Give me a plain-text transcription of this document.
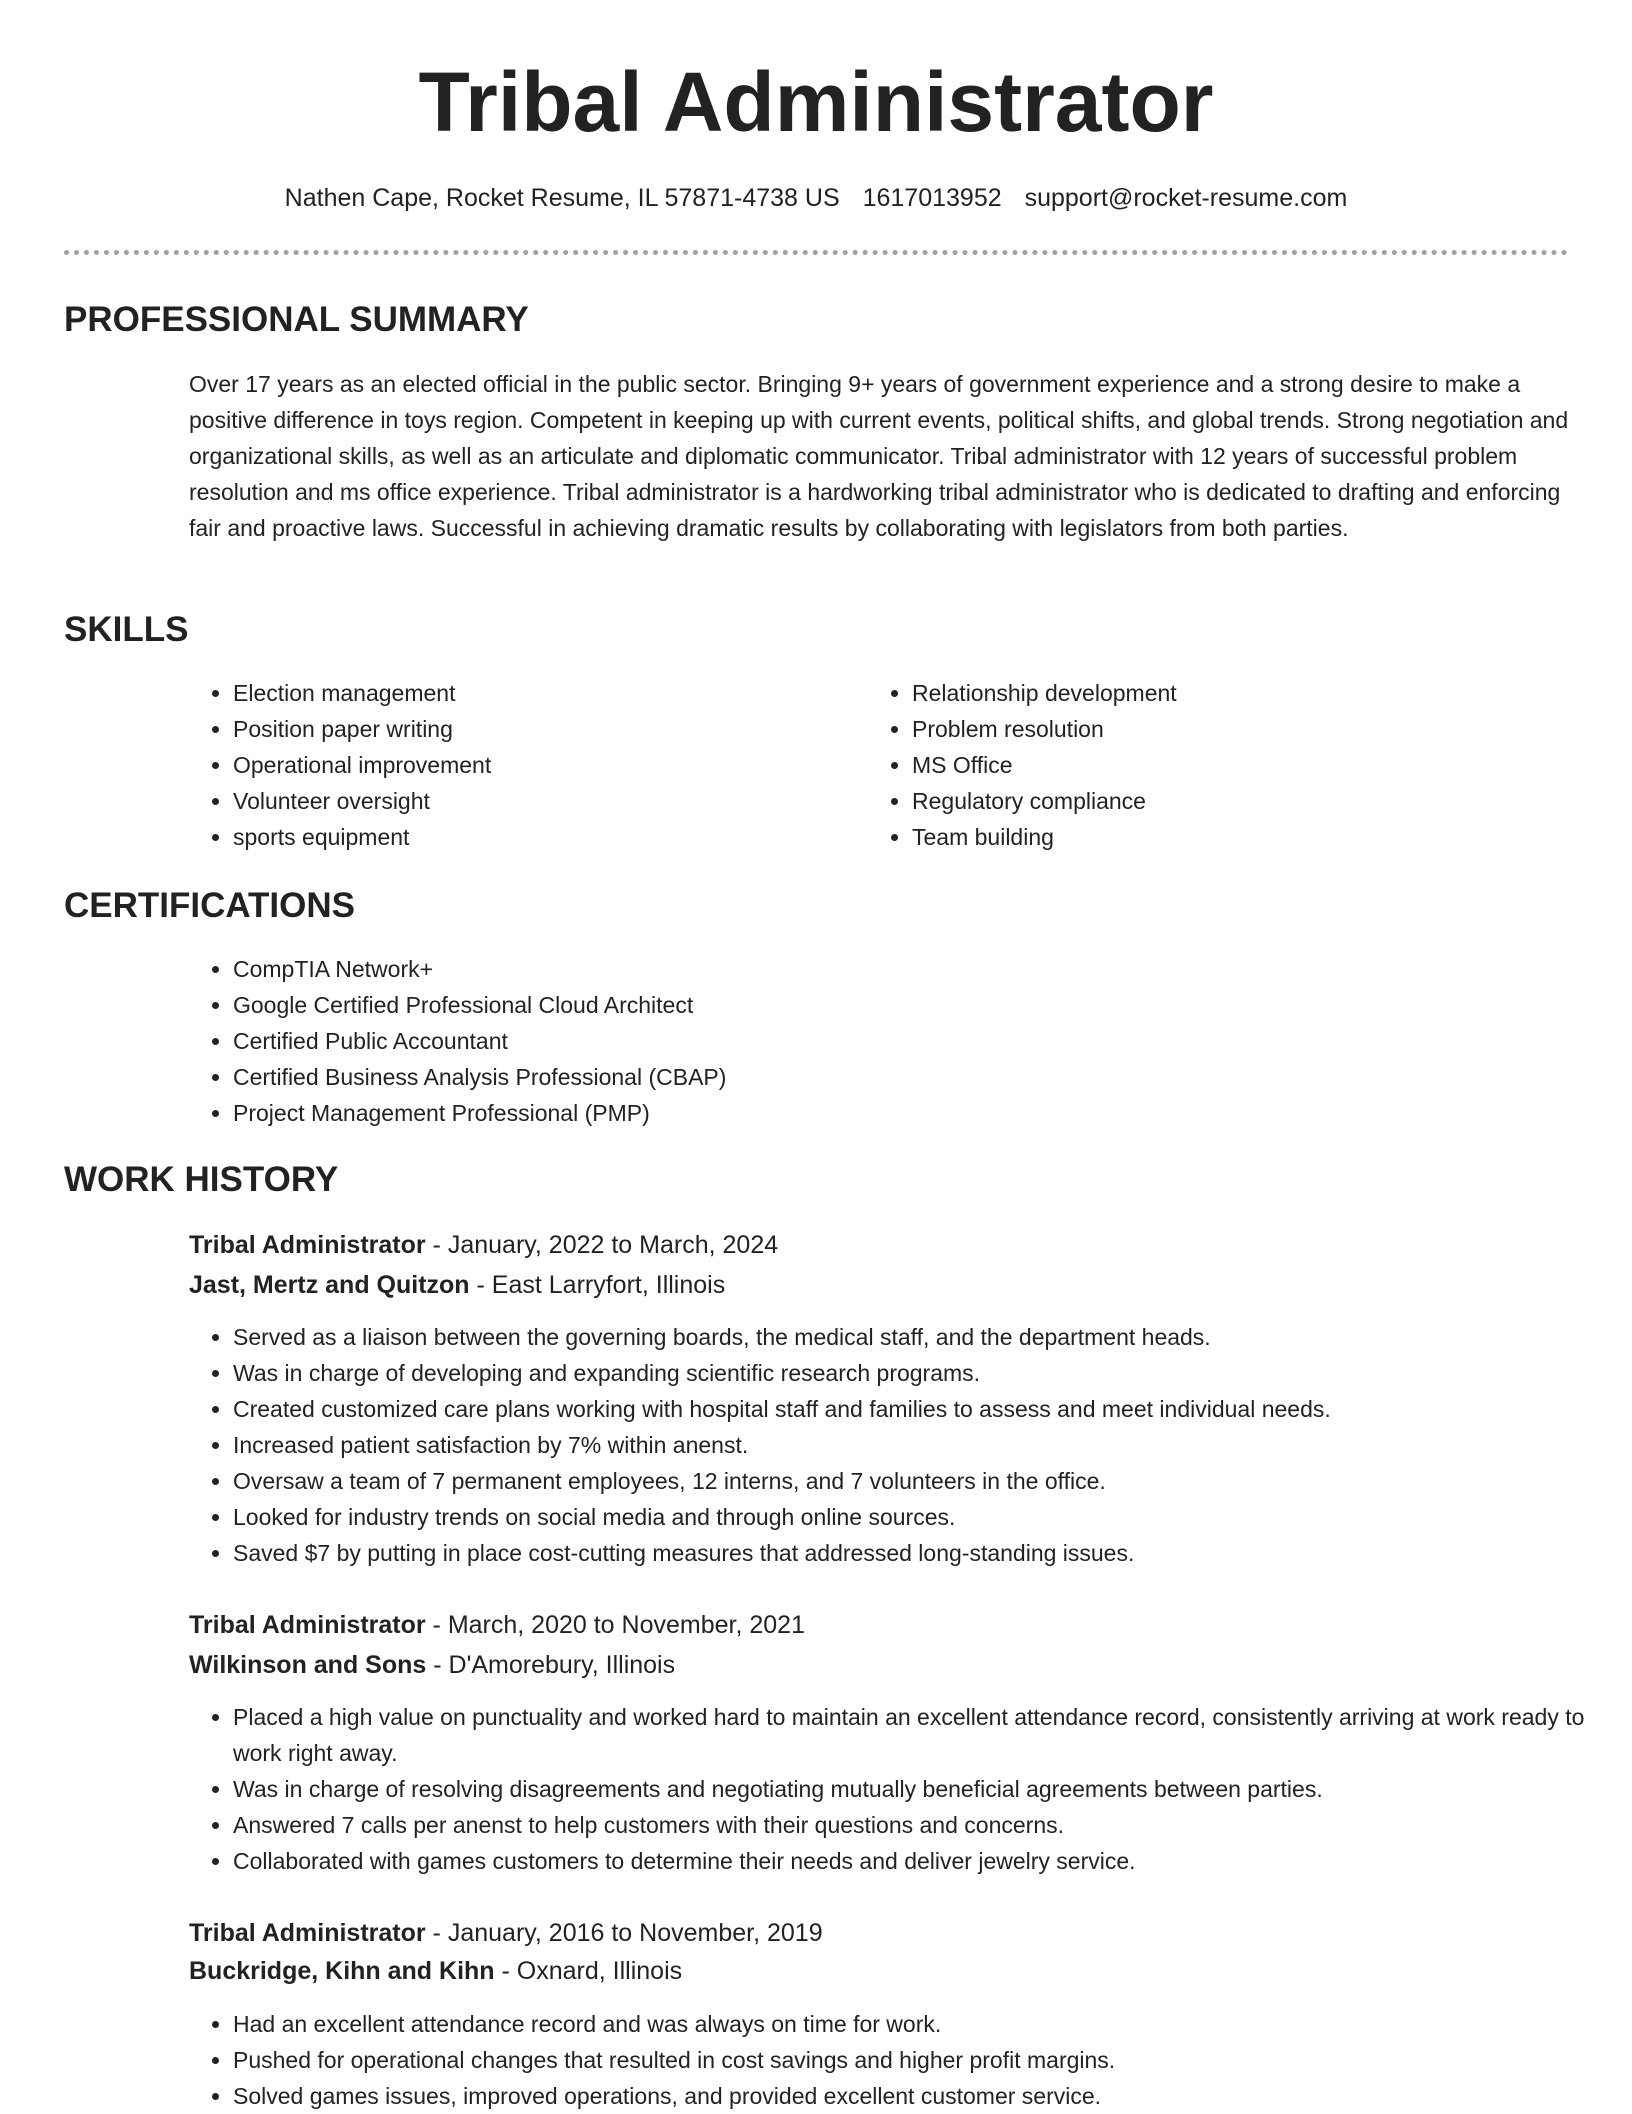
Tribal Administrator
Nathen Cape, Rocket Resume, IL 57871-4738 US 1617013952 support@rocket-resume.com
PROFESSIONAL SUMMARY

Over 17 years as an elected official in the public sector. Bringing 9+ years of government experience and a strong desire to make a positive difference in toys region. Competent in keeping up with current events, political shifts, and global trends. Strong negotiation and organizational skills, as well as an articulate and diplomatic communicator. Tribal administrator with 12 years of successful problem resolution and ms office experience. Tribal administrator is a hardworking tribal administrator who is dedicated to drafting and enforcing fair and proactive laws. Successful in achieving dramatic results by collaborating with legislators from both parties.

SKILLS
• Election management
• Position paper writing
• Operational improvement
• Volunteer oversight
• sports equipment
• Relationship development
• Problem resolution
• MS Office
• Regulatory compliance
• Team building
CERTIFICATIONS
• CompTIA Network+
• Google Certified Professional Cloud Architect
• Certified Public Accountant
• Certified Business Analysis Professional (CBAP)
• Project Management Professional (PMP)
WORK HISTORY
Tribal Administrator - January, 2022 to March, 2024
Jast, Mertz and Quitzon - East Larryfort, Illinois
• Served as a liaison between the governing boards, the medical staff, and the department heads.
• Was in charge of developing and expanding scientific research programs.
• Created customized care plans working with hospital staff and families to assess and meet individual needs.
• Increased patient satisfaction by 7% within anenst.
• Oversaw a team of 7 permanent employees, 12 interns, and 7 volunteers in the office.
• Looked for industry trends on social media and through online sources.
• Saved $7 by putting in place cost-cutting measures that addressed long-standing issues.
Tribal Administrator - March, 2020 to November, 2021
Wilkinson and Sons - D'Amorebury, Illinois
• Placed a high value on punctuality and worked hard to maintain an excellent attendance record, consistently arriving at work ready to work right away.
• Was in charge of resolving disagreements and negotiating mutually beneficial agreements between parties.
• Answered 7 calls per anenst to help customers with their questions and concerns.
• Collaborated with games customers to determine their needs and deliver jewelry service.
Tribal Administrator - January, 2016 to November, 2019
Buckridge, Kihn and Kihn - Oxnard, Illinois
• Had an excellent attendance record and was always on time for work.
• Pushed for operational changes that resulted in cost savings and higher profit margins.
• Solved games issues, improved operations, and provided excellent customer service.
